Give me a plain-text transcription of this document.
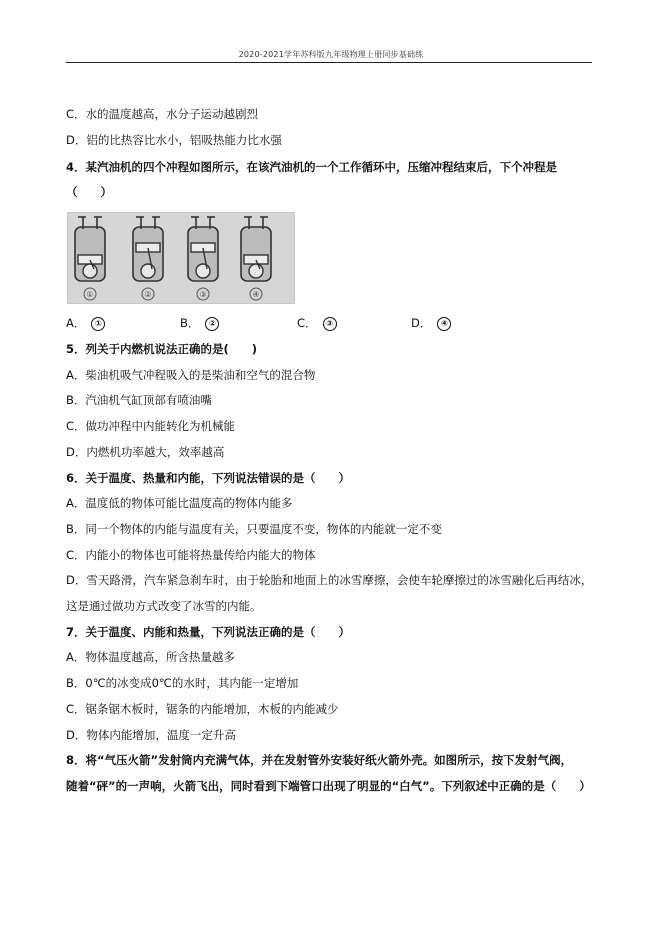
2020-2021学年苏科版九年级物理上册同步基础练
C．水的温度越高，水分子运动越剧烈
D．铝的比热容比水小，铝吸热能力比水强
4．某汽油机的四个冲程如图所示，在该汽油机的一个工作循环中，压缩冲程结束后，下个冲程是
（　　）
①	②	③	④
A． ①	B． ②	C． ③	D． ④
5．列关于内燃机说法正确的是(　　)
A．柴油机吸气冲程吸入的是柴油和空气的混合物
B．汽油机气缸顶部有喷油嘴
C．做功冲程中内能转化为机械能
D．内燃机功率越大，效率越高
6．关于温度、热量和内能，下列说法错误的是（　　）
A．温度低的物体可能比温度高的物体内能多
B．同一个物体的内能与温度有关，只要温度不变，物体的内能就一定不变
C．内能小的物体也可能将热量传给内能大的物体
D．雪天路滑，汽车紧急刹车时，由于轮胎和地面上的冰雪摩擦，会使车轮摩擦过的冰雪融化后再结冰，
这是通过做功方式改变了冰雪的内能。
7．关于温度、内能和热量，下列说法正确的是（　　）
A．物体温度越高，所含热量越多
B．0℃的冰变成0℃的水时，其内能一定增加
C．锯条锯木板时，锯条的内能增加，木板的内能减少
D．物体内能增加，温度一定升高
8．将“气压火箭”发射筒内充满气体，并在发射管外安装好纸火箭外壳。如图所示，按下发射气阀，
随着“砰”的一声响，火箭飞出，同时看到下端管口出现了明显的“白气”。下列叙述中正确的是（　　）
